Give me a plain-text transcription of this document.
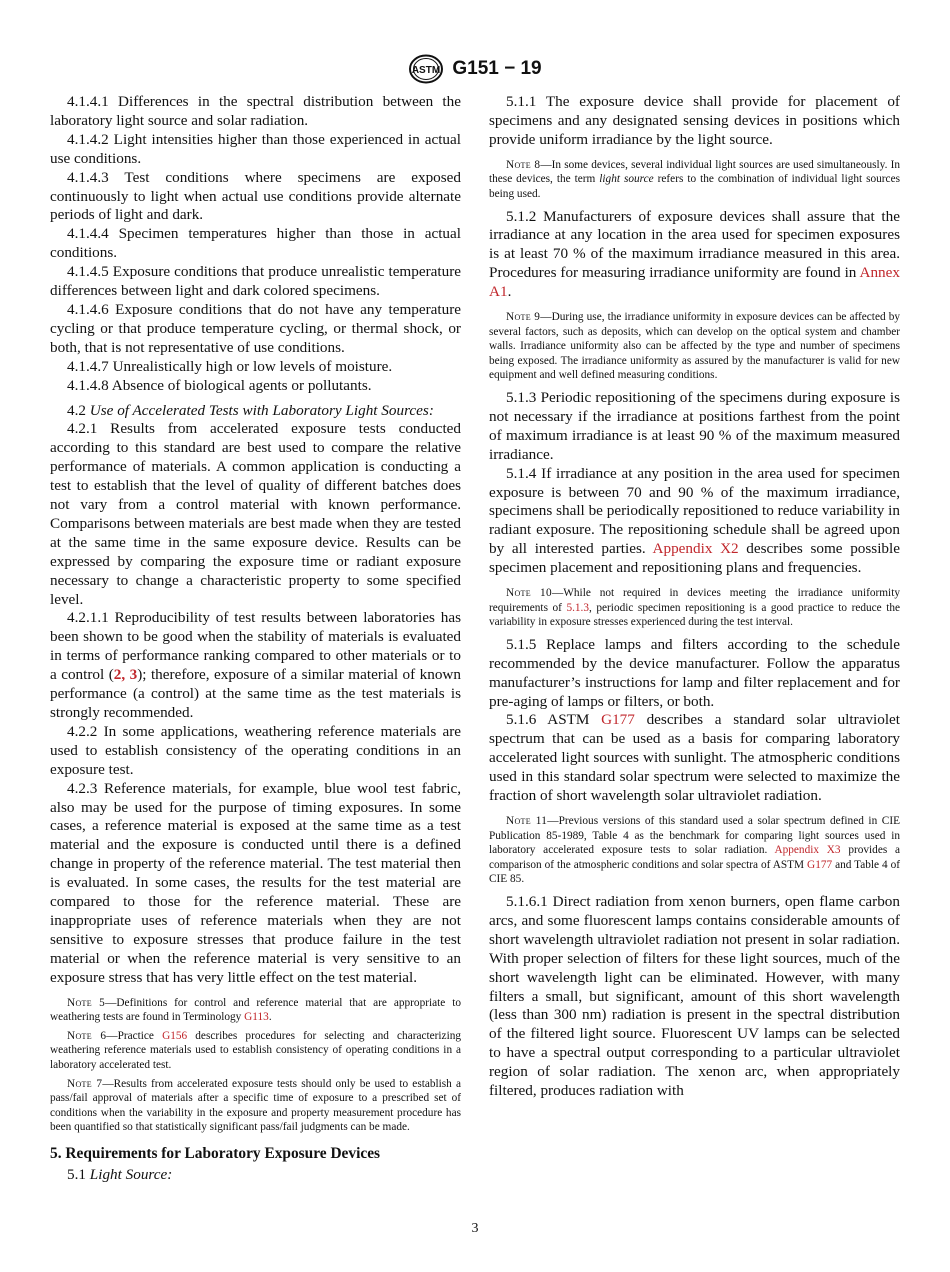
ASTM G151 − 19

4.1.4.1 Differences in the spectral distribution between the laboratory light source and solar radiation.

4.1.4.2 Light intensities higher than those experienced in actual use conditions.

4.1.4.3 Test conditions where specimens are exposed continuously to light when actual use conditions provide alternate periods of light and dark.

4.1.4.4 Specimen temperatures higher than those in actual conditions.

4.1.4.5 Exposure conditions that produce unrealistic temperature differences between light and dark colored specimens.

4.1.4.6 Exposure conditions that do not have any temperature cycling or that produce temperature cycling, or thermal shock, or both, that is not representative of use conditions.

4.1.4.7 Unrealistically high or low levels of moisture.

4.1.4.8 Absence of biological agents or pollutants.

4.2 Use of Accelerated Tests with Laboratory Light Sources:

4.2.1 Results from accelerated exposure tests conducted according to this standard are best used to compare the relative performance of materials. A common application is conducting a test to establish that the level of quality of different batches does not vary from a control material with known performance. Comparisons between materials are best made when they are tested at the same time in the same exposure device. Results can be expressed by comparing the exposure time or radiant exposure necessary to change a characteristic property to some specified level.

4.2.1.1 Reproducibility of test results between laboratories has been shown to be good when the stability of materials is evaluated in terms of performance ranking compared to other materials or to a control (2, 3); therefore, exposure of a similar material of known performance (a control) at the same time as the test materials is strongly recommended.

4.2.2 In some applications, weathering reference materials are used to establish consistency of the operating conditions in an exposure test.

4.2.3 Reference materials, for example, blue wool test fabric, also may be used for the purpose of timing exposures. In some cases, a reference material is exposed at the same time as a test material and the exposure is conducted until there is a defined change in property of the reference material. The test material then is evaluated. In some cases, the results for the test material are compared to those for the reference material. These are inappropriate uses of reference materials when they are not sensitive to exposure stresses that produce failure in the test material or when the reference material is very sensitive to an exposure stress that has very little effect on the test material.

Note 5—Definitions for control and reference material that are appropriate to weathering tests are found in Terminology G113.

Note 6—Practice G156 describes procedures for selecting and characterizing weathering reference materials used to establish consistency of operating conditions in a laboratory accelerated test.

Note 7—Results from accelerated exposure tests should only be used to establish a pass/fail approval of materials after a specific time of exposure to a prescribed set of conditions when the variability in the exposure and property measurement procedure has been quantified so that statistically significant pass/fail judgments can be made.

5. Requirements for Laboratory Exposure Devices

5.1 Light Source:

5.1.1 The exposure device shall provide for placement of specimens and any designated sensing devices in positions which provide uniform irradiance by the light source.

Note 8—In some devices, several individual light sources are used simultaneously. In these devices, the term light source refers to the combination of individual light sources being used.

5.1.2 Manufacturers of exposure devices shall assure that the irradiance at any location in the area used for specimen exposures is at least 70 % of the maximum irradiance measured in this area. Procedures for measuring irradiance uniformity are found in Annex A1.

Note 9—During use, the irradiance uniformity in exposure devices can be affected by several factors, such as deposits, which can develop on the optical system and chamber walls. Irradiance uniformity also can be affected by the type and number of specimens being exposed. The irradiance uniformity as assured by the manufacturer is valid for new equipment and well defined measuring conditions.

5.1.3 Periodic repositioning of the specimens during exposure is not necessary if the irradiance at positions farthest from the point of maximum irradiance is at least 90 % of the maximum measured irradiance.

5.1.4 If irradiance at any position in the area used for specimen exposure is between 70 and 90 % of the maximum irradiance, specimens shall be periodically repositioned to reduce variability in radiant exposure. The repositioning schedule shall be agreed upon by all interested parties. Appendix X2 describes some possible specimen placement and repositioning plans and frequencies.

Note 10—While not required in devices meeting the irradiance uniformity requirements of 5.1.3, periodic specimen repositioning is a good practice to reduce the variability in exposure stresses experienced during the test interval.

5.1.5 Replace lamps and filters according to the schedule recommended by the device manufacturer. Follow the apparatus manufacturer’s instructions for lamp and filter replacement and for pre-aging of lamps or filters, or both.

5.1.6 ASTM G177 describes a standard solar ultraviolet spectrum that can be used as a basis for comparing laboratory accelerated light sources with sunlight. The atmospheric conditions used in this standard solar spectrum were selected to maximize the fraction of short wavelength solar ultraviolet radiation.

Note 11—Previous versions of this standard used a solar spectrum defined in CIE Publication 85-1989, Table 4 as the benchmark for comparing light sources used in laboratory accelerated exposure tests to solar radiation. Appendix X3 provides a comparison of the atmospheric conditions and solar spectra of ASTM G177 and Table 4 of CIE 85.

5.1.6.1 Direct radiation from xenon burners, open flame carbon arcs, and some fluorescent lamps contains considerable amounts of short wavelength ultraviolet radiation not present in solar radiation. With proper selection of filters for these light sources, much of the short wavelength light can be eliminated. However, with many filters a small, but significant, amount of this short wavelength (less than 300 nm) radiation is present in the spectral distribution of the filtered light source. Fluorescent UV lamps can be selected to have a spectral output corresponding to a particular ultraviolet region of solar radiation. The xenon arc, when appropriately filtered, produces radiation with

3
